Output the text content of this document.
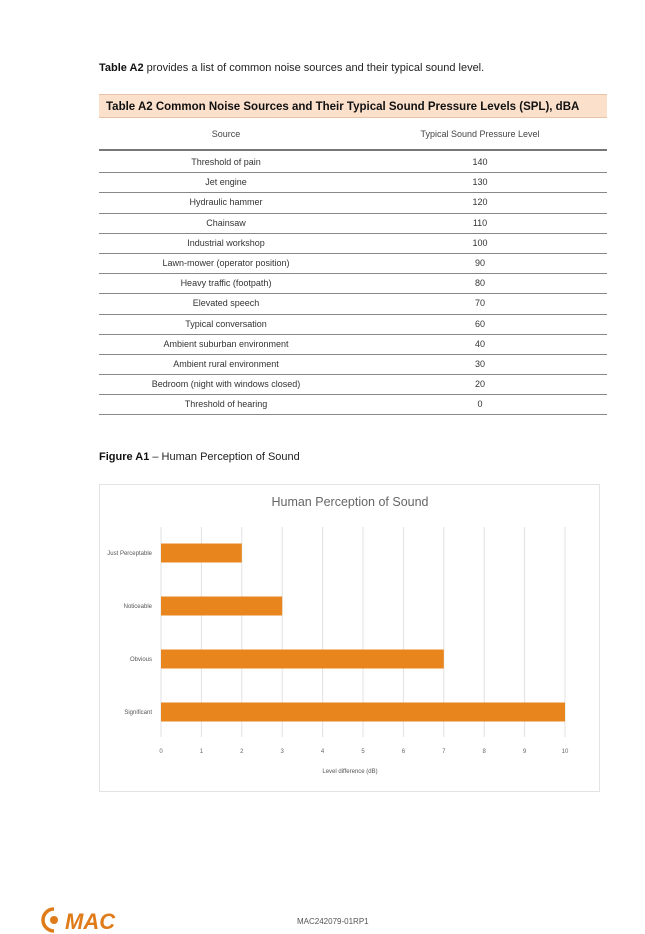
Table A2 provides a list of common noise sources and their typical sound level.
Table A2 Common Noise Sources and Their Typical Sound Pressure Levels (SPL), dBA
Source	Typical Sound Pressure Level
Threshold of pain	140
Jet engine	130
Hydraulic hammer	120
Chainsaw	110
Industrial workshop	100
Lawn-mower (operator position)	90
Heavy traffic (footpath)	80
Elevated speech	70
Typical conversation	60
Ambient suburban environment	40
Ambient rural environment	30
Bedroom (night with windows closed)	20
Threshold of hearing	0
Figure A1 – Human Perception of Sound
Human Perception of Sound
0	1	2	3	4	5	6	7	8	9	10
Just Perceptable
Noticeable
Obvious
Significant
Level difference (dB)
MAC	MAC242079-01RP1
